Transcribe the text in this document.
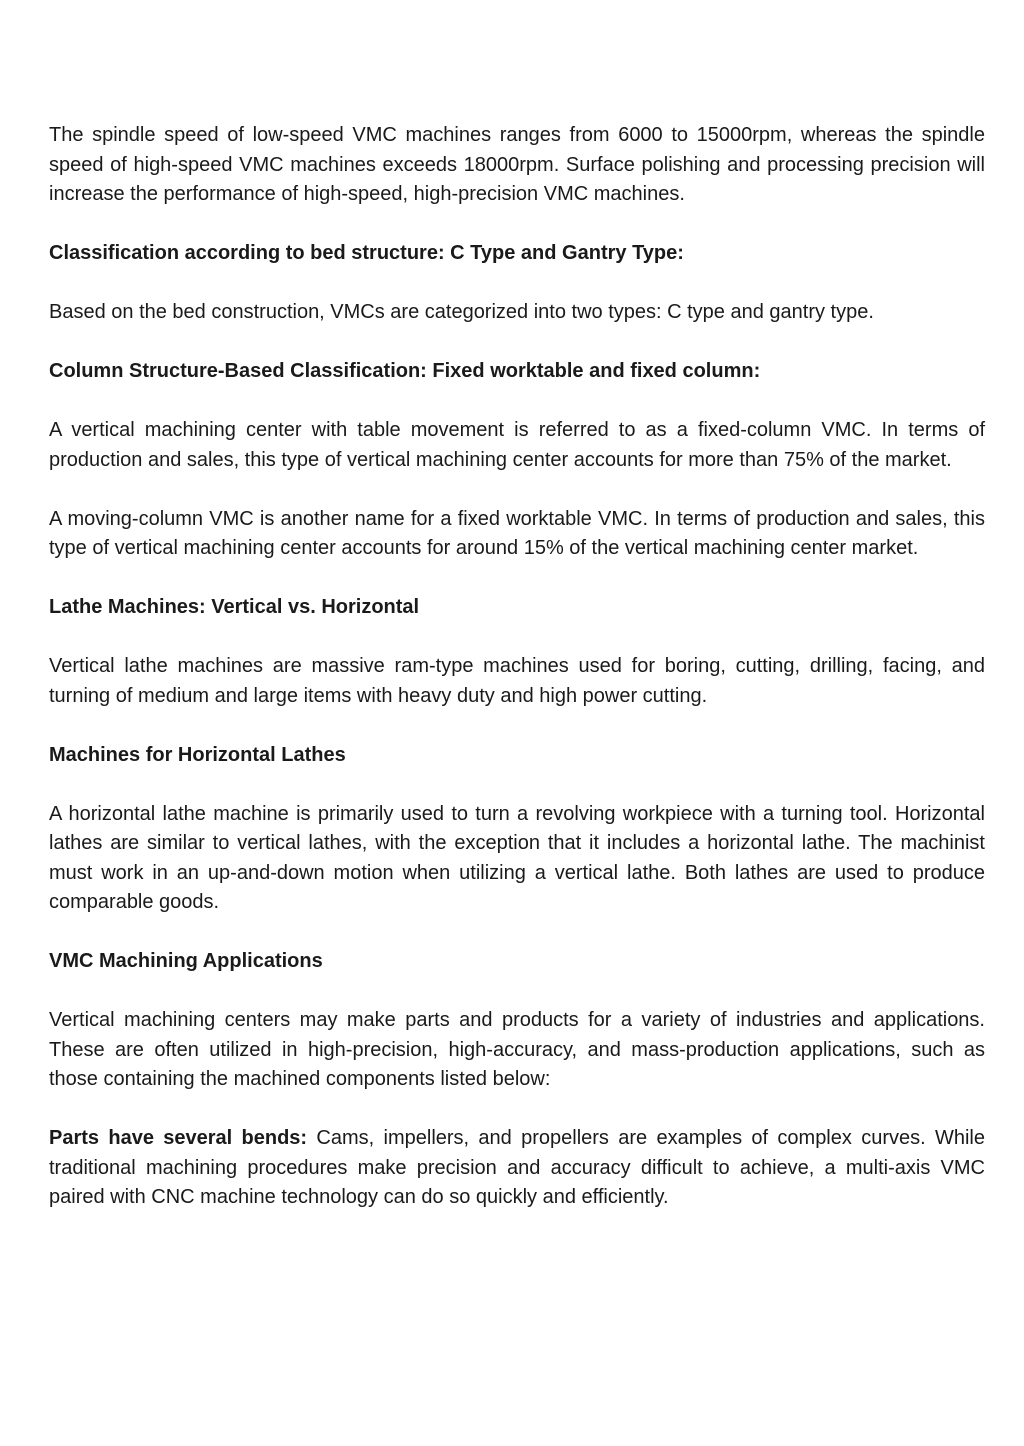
The spindle speed of low-speed VMC machines ranges from 6000 to 15000rpm, whereas the spindle speed of high-speed VMC machines exceeds 18000rpm. Surface polishing and processing precision will increase the performance of high-speed, high-precision VMC machines.

Classification according to bed structure: C Type and Gantry Type:

Based on the bed construction, VMCs are categorized into two types: C type and gantry type.

Column Structure-Based Classification: Fixed worktable and fixed column:

A vertical machining center with table movement is referred to as a fixed-column VMC. In terms of production and sales, this type of vertical machining center accounts for more than 75% of the market.

A moving-column VMC is another name for a fixed worktable VMC. In terms of production and sales, this type of vertical machining center accounts for around 15% of the vertical machining center market.

Lathe Machines: Vertical vs. Horizontal

Vertical lathe machines are massive ram-type machines used for boring, cutting, drilling, facing, and turning of medium and large items with heavy duty and high power cutting.

Machines for Horizontal Lathes

A horizontal lathe machine is primarily used to turn a revolving workpiece with a turning tool. Horizontal lathes are similar to vertical lathes, with the exception that it includes a horizontal lathe. The machinist must work in an up-and-down motion when utilizing a vertical lathe. Both lathes are used to produce comparable goods.

VMC Machining Applications

Vertical machining centers may make parts and products for a variety of industries and applications. These are often utilized in high-precision, high-accuracy, and mass-production applications, such as those containing the machined components listed below:

Parts have several bends: Cams, impellers, and propellers are examples of complex curves. While traditional machining procedures make precision and accuracy difficult to achieve, a multi-axis VMC paired with CNC machine technology can do so quickly and efficiently.
